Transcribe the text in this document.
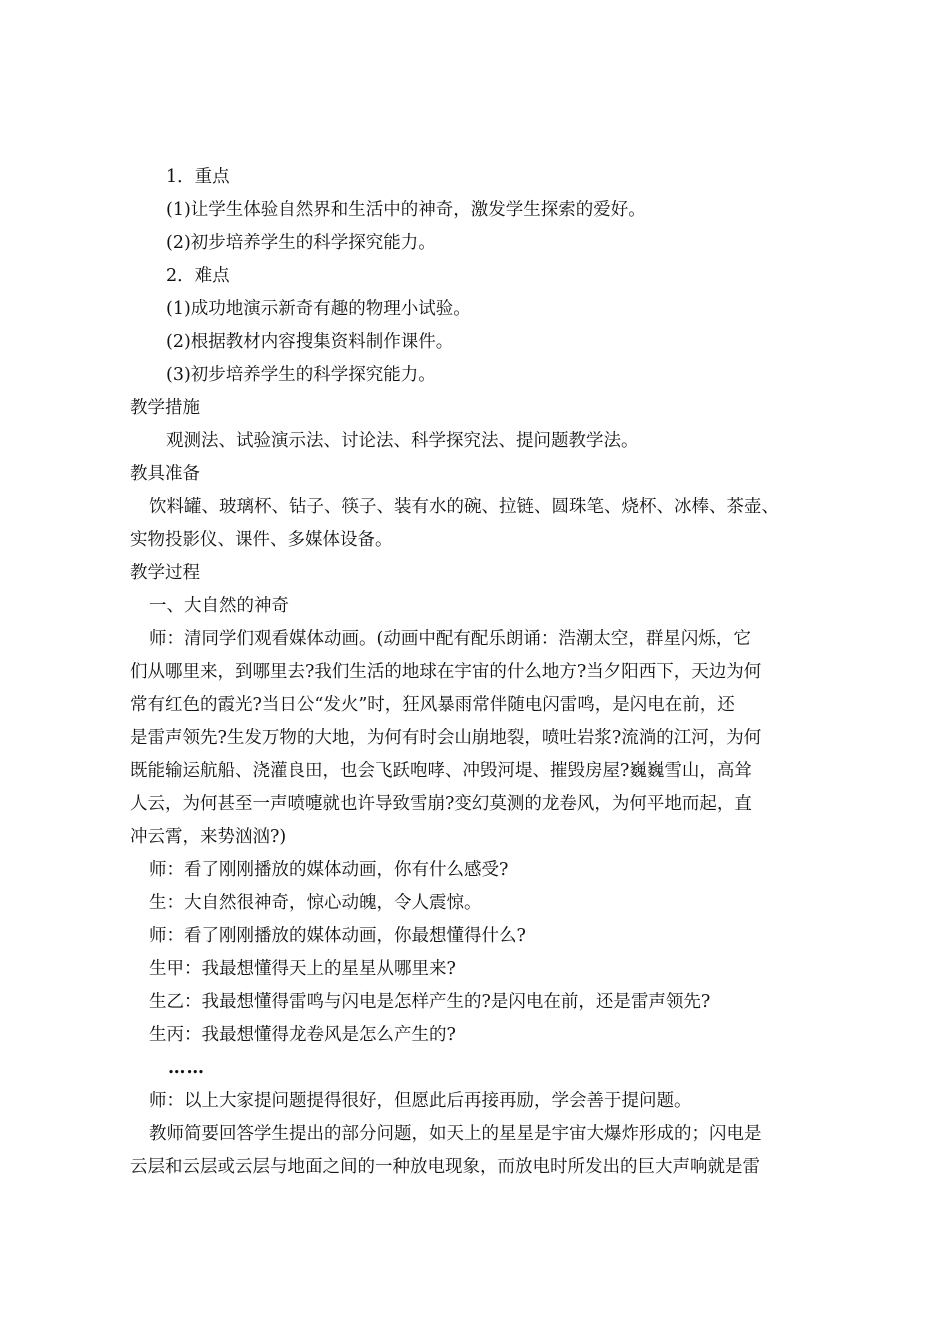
1．重点
(1)让学生体验自然界和生活中的神奇，激发学生探索的爱好。
(2)初步培养学生的科学探究能力。
2．难点
(1)成功地演示新奇有趣的物理小试验。
(2)根据教材内容搜集资料制作课件。
(3)初步培养学生的科学探究能力。
教学措施
观测法、试验演示法、讨论法、科学探究法、提问题教学法。
教具准备
饮料罐、玻璃杯、钻子、筷子、装有水的碗、拉链、圆珠笔、烧杯、冰棒、茶壶、
实物投影仪、课件、多媒体设备。
教学过程
一、大自然的神奇
师：清同学们观看媒体动画。(动画中配有配乐朗诵：浩潮太空，群星闪烁，它
们从哪里来，到哪里去?我们生活的地球在宇宙的什么地方?当夕阳西下，天边为何
常有红色的霞光?当日公“发火”时，狂风暴雨常伴随电闪雷鸣，是闪电在前，还
是雷声领先?生发万物的大地，为何有时会山崩地裂，喷吐岩浆?流淌的江河，为何
既能输运航船、浇灌良田，也会飞跃咆哮、冲毁河堤、摧毁房屋?巍巍雪山，高耸
人云，为何甚至一声喷嚏就也许导致雪崩?变幻莫测的龙卷风，为何平地而起，直
冲云霄，来势汹汹?)
师：看了刚刚播放的媒体动画，你有什么感受?
生：大自然很神奇，惊心动魄，令人震惊。
师：看了刚刚播放的媒体动画，你最想懂得什么?
生甲：我最想懂得天上的星星从哪里来?
生乙：我最想懂得雷鸣与闪电是怎样产生的?是闪电在前，还是雷声领先?
生丙：我最想懂得龙卷风是怎么产生的?
……
师：以上大家提问题提得很好，但愿此后再接再励，学会善于提问题。
教师简要回答学生提出的部分问题，如天上的星星是宇宙大爆炸形成的；闪电是
云层和云层或云层与地面之间的一种放电现象，而放电时所发出的巨大声响就是雷
